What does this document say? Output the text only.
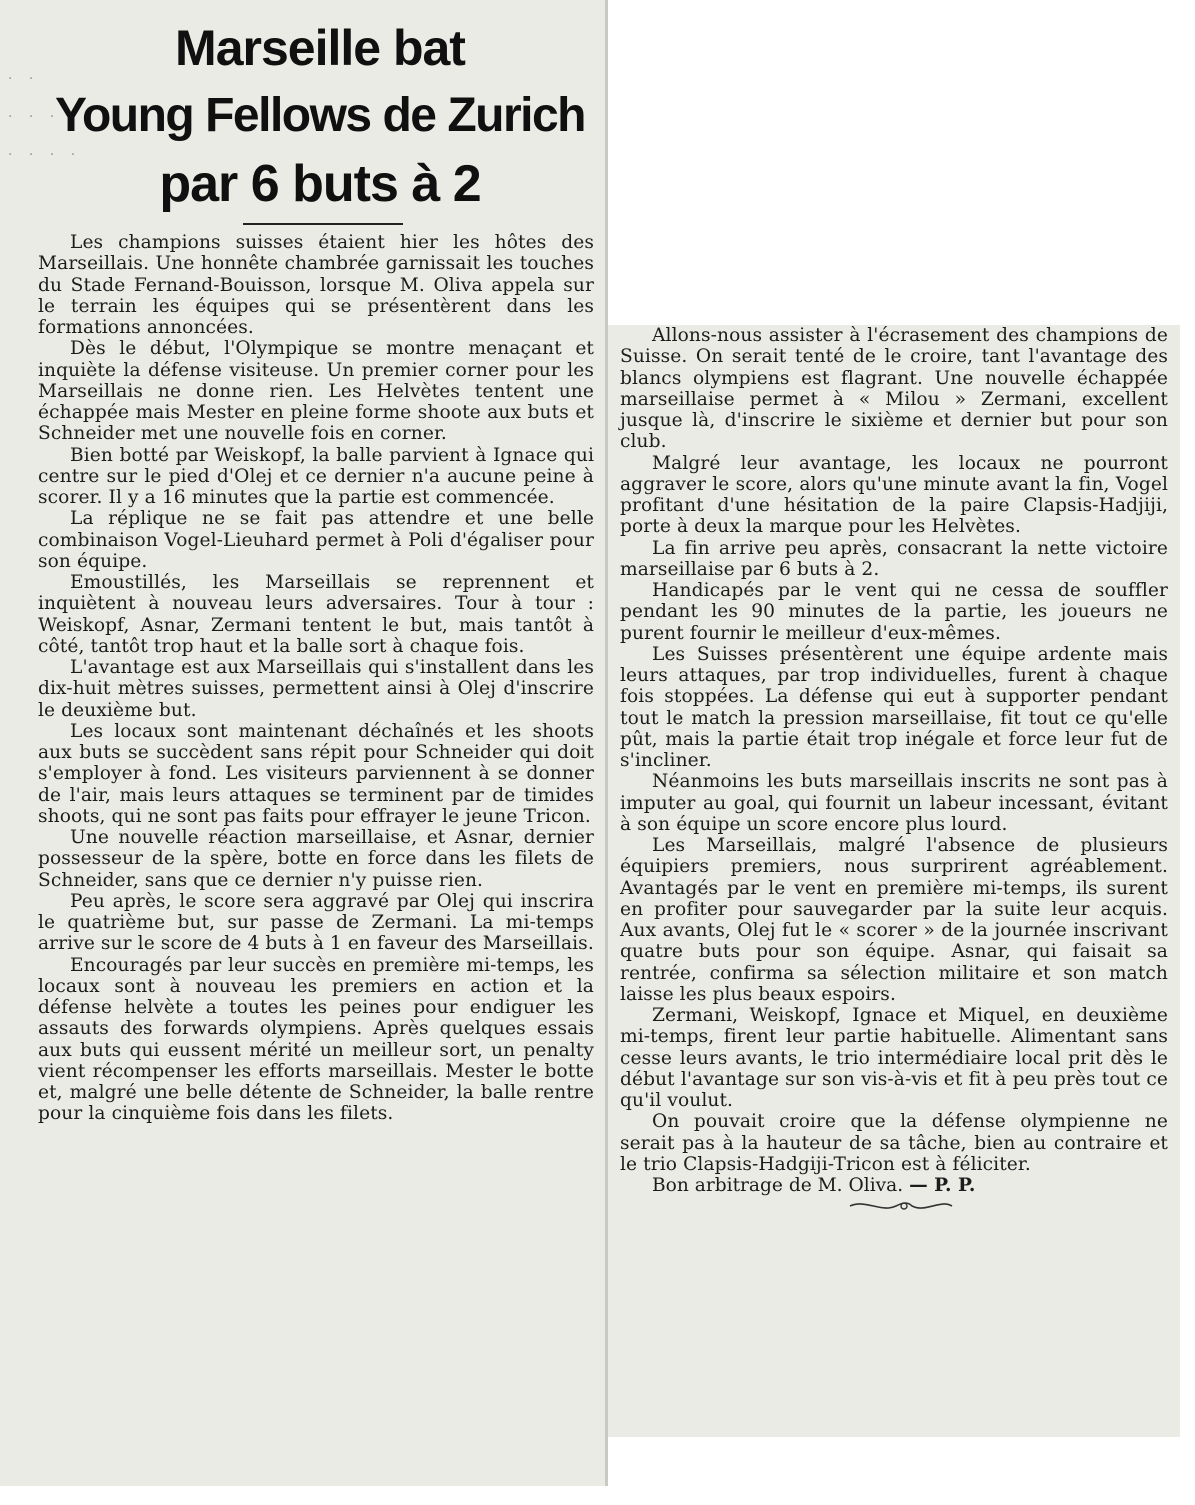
· ·
· · ·
· · · ·
Marseille bat
Young Fellows de Zurich
par 6 buts à 2

Les champions suisses étaient hier les hôtes des Marseillais. Une honnête chambrée garnissait les touches du Stade Fernand-Bouisson, lorsque M. Oliva appela sur le terrain les équipes qui se présentèrent dans les formations annoncées.

Dès le début, l'Olympique se montre menaçant et inquiète la défense visiteuse. Un premier corner pour les Marseillais ne donne rien. Les Helvètes tentent une échappée mais Mester en pleine forme shoote aux buts et Schneider met une nouvelle fois en corner.

Bien botté par Weiskopf, la balle parvient à Ignace qui centre sur le pied d'Olej et ce dernier n'a aucune peine à scorer. Il y a 16 minutes que la partie est commencée.

La réplique ne se fait pas attendre et une belle combinaison Vogel-Lieuhard permet à Poli d'égaliser pour son équipe.

Emoustillés, les Marseillais se reprennent et inquiètent à nouveau leurs adversaires. Tour à tour : Weiskopf, Asnar, Zermani tentent le but, mais tantôt à côté, tantôt trop haut et la balle sort à chaque fois.

L'avantage est aux Marseillais qui s'installent dans les dix-huit mètres suisses, permettent ainsi à Olej d'inscrire le deuxième but.

Les locaux sont maintenant déchaînés et les shoots aux buts se succèdent sans répit pour Schneider qui doit s'employer à fond. Les visiteurs parviennent à se donner de l'air, mais leurs attaques se terminent par de timides shoots, qui ne sont pas faits pour effrayer le jeune Tricon.

Une nouvelle réaction marseillaise, et Asnar, dernier possesseur de la spère, botte en force dans les filets de Schneider, sans que ce dernier n'y puisse rien.

Peu après, le score sera aggravé par Olej qui inscrira le quatrième but, sur passe de Zermani. La mi-temps arrive sur le score de 4 buts à 1 en faveur des Marseillais.

Encouragés par leur succès en première mi-temps, les locaux sont à nouveau les premiers en action et la défense helvète a toutes les peines pour endiguer les assauts des forwards olympiens. Après quelques essais aux buts qui eussent mérité un meilleur sort, un penalty vient récompenser les efforts marseillais. Mester le botte et, malgré une belle détente de Schneider, la balle rentre pour la cinquième fois dans les filets.

Allons-nous assister à l'écrasement des champions de Suisse. On serait tenté de le croire, tant l'avantage des blancs olympiens est flagrant. Une nouvelle échappée marseillaise permet à « Milou » Zermani, excellent jusque là, d'inscrire le sixième et dernier but pour son club.

Malgré leur avantage, les locaux ne pourront aggraver le score, alors qu'une minute avant la fin, Vogel profitant d'une hésitation de la paire Clapsis-Hadjiji, porte à deux la marque pour les Helvètes.

La fin arrive peu après, consacrant la nette victoire marseillaise par 6 buts à 2.

Handicapés par le vent qui ne cessa de souffler pendant les 90 minutes de la partie, les joueurs ne purent fournir le meilleur d'eux-mêmes.

Les Suisses présentèrent une équipe ardente mais leurs attaques, par trop individuelles, furent à chaque fois stoppées. La défense qui eut à supporter pendant tout le match la pression marseillaise, fit tout ce qu'elle pût, mais la partie était trop inégale et force leur fut de s'incliner.

Néanmoins les buts marseillais inscrits ne sont pas à imputer au goal, qui fournit un labeur incessant, évitant à son équipe un score encore plus lourd.

Les Marseillais, malgré l'absence de plusieurs équipiers premiers, nous surprirent agréablement. Avantagés par le vent en première mi-temps, ils surent en profiter pour sauvegarder par la suite leur acquis. Aux avants, Olej fut le « scorer » de la journée inscrivant quatre buts pour son équipe. Asnar, qui faisait sa rentrée, confirma sa sélection militaire et son match laisse les plus beaux espoirs.

Zermani, Weiskopf, Ignace et Miquel, en deuxième mi-temps, firent leur partie habituelle. Alimentant sans cesse leurs avants, le trio intermédiaire local prit dès le début l'avantage sur son vis-à-vis et fit à peu près tout ce qu'il voulut.

On pouvait croire que la défense olympienne ne serait pas à la hauteur de sa tâche, bien au contraire et le trio Clapsis-Hadgiji-Tricon est à féliciter.

Bon arbitrage de M. Oliva. — P. P.
